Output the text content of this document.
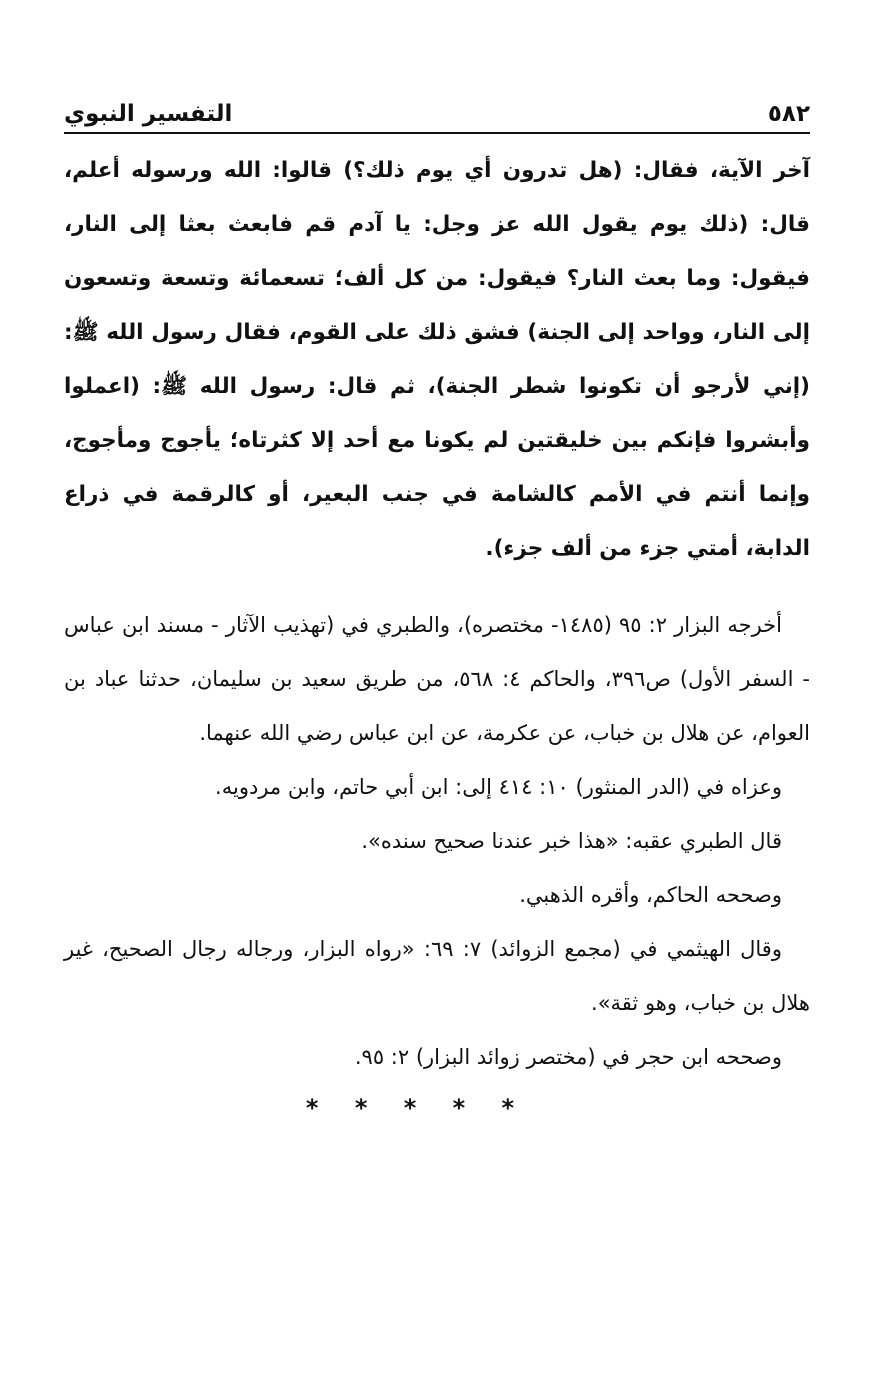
٥٨٢
التفسير النبوي

آخر الآية، فقال: (هل تدرون أي يوم ذلك؟) قالوا: الله ورسوله أعلم، قال: (ذلك يوم يقول الله عز وجل: يا آدم قم فابعث بعثا إلى النار، فيقول: وما بعث النار؟ فيقول: من كل ألف؛ تسعمائة وتسعة وتسعون إلى النار، وواحد إلى الجنة) فشق ذلك على القوم، فقال رسول الله ﷺ: (إني لأرجو أن تكونوا شطر الجنة)، ثم قال: رسول الله ﷺ: (اعملوا وأبشروا فإنكم بين خليقتين لم يكونا مع أحد إلا كثرتاه؛ يأجوج ومأجوج، وإنما أنتم في الأمم كالشامة في جنب البعير، أو كالرقمة في ذراع الدابة، أمتي جزء من ألف جزء).

أخرجه البزار ٢: ٩٥ (١٤٨٥- مختصره)، والطبري في (تهذيب الآثار - مسند ابن عباس - السفر الأول) ص٣٩٦، والحاكم ٤: ٥٦٨، من طريق سعيد بن سليمان، حدثنا عباد بن العوام، عن هلال بن خباب، عن عكرمة، عن ابن عباس رضي الله عنهما.

وعزاه في (الدر المنثور) ١٠: ٤١٤ إلى: ابن أبي حاتم، وابن مردويه.

قال الطبري عقبه: «هذا خبر عندنا صحيح سنده».

وصححه الحاكم، وأقره الذهبي.

وقال الهيثمي في (مجمع الزوائد) ٧: ٦٩: «رواه البزار، ورجاله رجال الصحيح، غير هلال بن خباب، وهو ثقة».

وصححه ابن حجر في (مختصر زوائد البزار) ٢: ٩٥.

* * * * *
